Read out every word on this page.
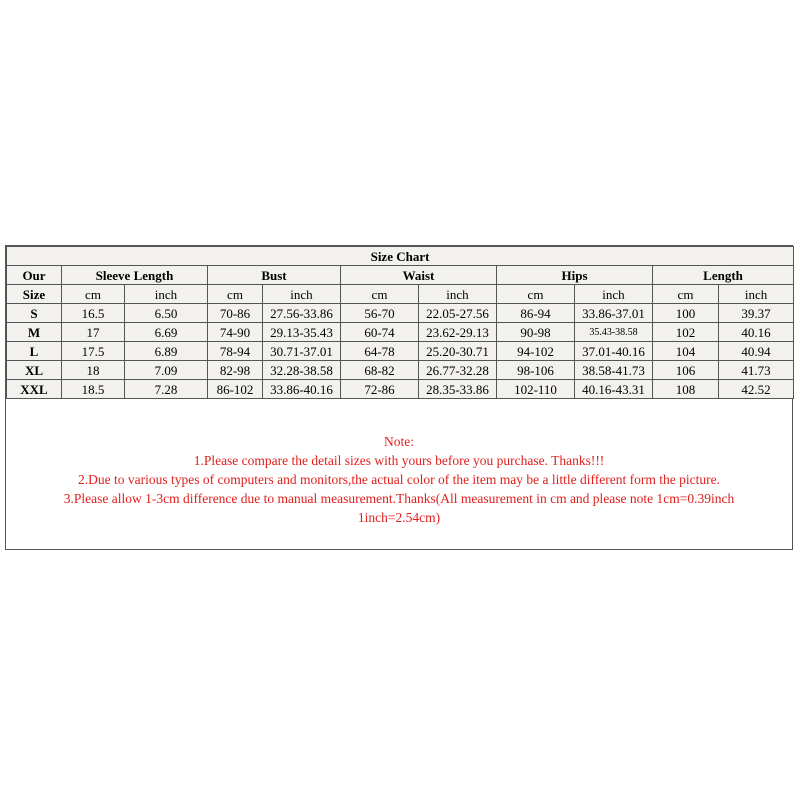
Size Chart										
Our	Sleeve Length		Bust		Waist		Hips		Length	
Size	cm	inch	cm	inch	cm	inch	cm	inch	cm	inch
S	16.5	6.50	70-86	27.56-33.86	56-70	22.05-27.56	86-94	33.86-37.01	100	39.37
M	17	6.69	74-90	29.13-35.43	60-74	23.62-29.13	90-98	35.43-38.58	102	40.16
L	17.5	6.89	78-94	30.71-37.01	64-78	25.20-30.71	94-102	37.01-40.16	104	40.94
XL	18	7.09	82-98	32.28-38.58	68-82	26.77-32.28	98-106	38.58-41.73	106	41.73
XXL	18.5	7.28	86-102	33.86-40.16	72-86	28.35-33.86	102-110	40.16-43.31	108	42.52
Note:
1.Please compare the detail sizes with yours before you purchase. Thanks!!!
2.Due to various types of computers and monitors,the actual color of the item may be a little different form the picture.
3.Please allow 1-3cm difference due to manual measurement.Thanks(All measurement in cm and please note 1cm=0.39inch
1inch=2.54cm)
